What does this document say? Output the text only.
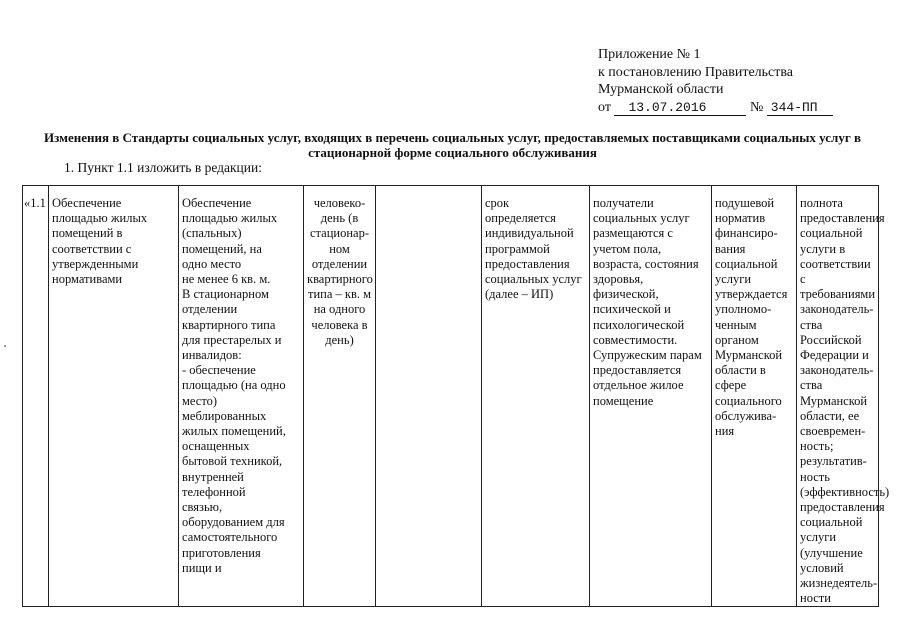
Приложение № 1
к постановлению Правительства
Мурманской области
от 13.07.2016	№ 344-ПП
Изменения в Стандарты социальных услуг, входящих в перечень социальных услуг, предоставляемых поставщиками социальных услуг в стационарной форме социального обслуживания
1. Пункт 1.1 изложить в редакции:
«1.1	Обеспечение
площадью жилых
помещений в
соответствии с
утвержденными
нормативами	Обеспечение
площадью жилых
(спальных)
помещений, на
одно место
не менее 6 кв. м.
В стационарном
отделении
квартирного типа
для престарелых и
инвалидов:
- обеспечение
площадью (на одно
место)
меблированных
жилых помещений,
оснащенных
бытовой техникой,
внутренней
телефонной
связью,
оборудованием для
самостоятельного
приготовления
пищи и	человеко-
день (в
стационар-
ном
отделении
квартирного
типа – кв. м
на одного
человека в
день)		срок
определяется
индивидуальной
программой
предоставления
социальных услуг
(далее – ИП)	получатели
социальных услуг
размещаются с
учетом пола,
возраста, состояния
здоровья,
физической,
психической и
психологической
совместимости.
Супружеским парам
предоставляется
отдельное жилое
помещение	подушевой
норматив
финансиро-
вания
социальной
услуги
утверждается
уполномо-
ченным
органом
Мурманской
области в
сфере
социального
обслужива-
ния	полнота
предоставления
социальной
услуги в
соответствии с
требованиями
законодатель-
ства Российской
Федерации и
законодатель-
ства
Мурманской
области, ее
своевремен-
ность;
результатив-
ность
(эффективность)
предоставления
социальной
услуги
(улучшение
условий
жизнедеятель-
ности
